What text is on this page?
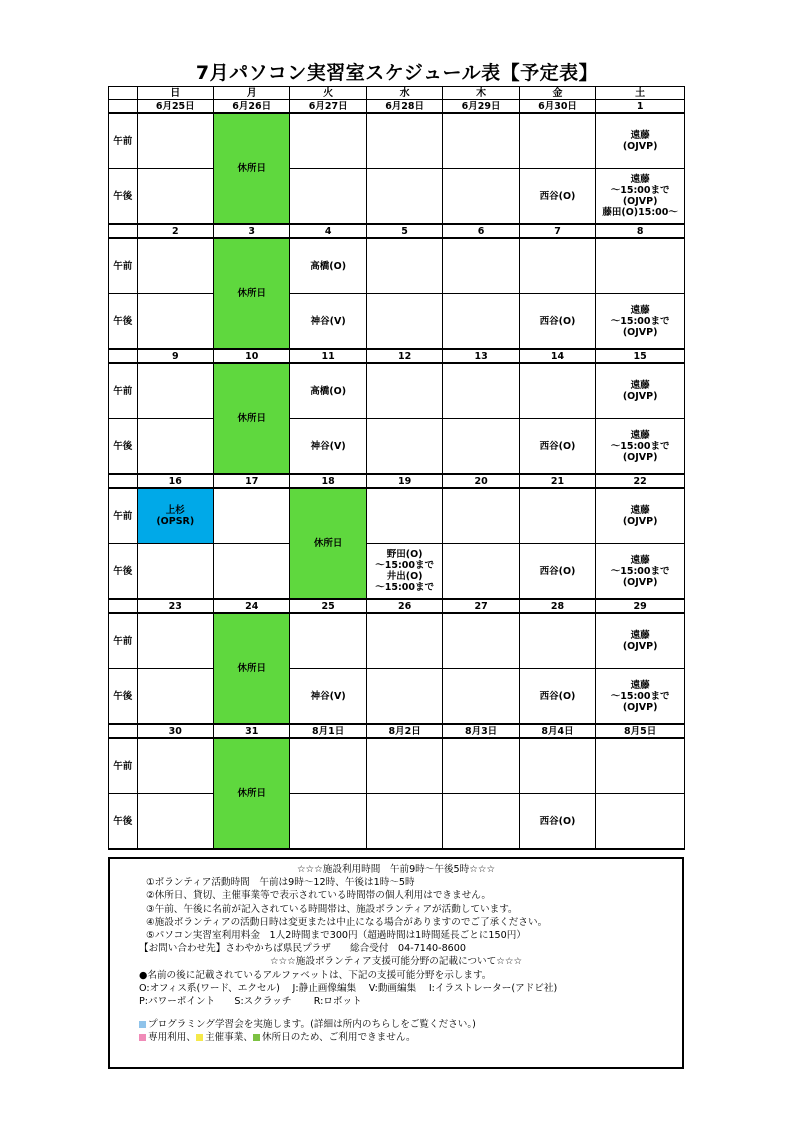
7月パソコン実習室スケジュール表【予定表】
	日	月	火	水	木	金	土
	6月25日	6月26日	6月27日	6月28日	6月29日	6月30日	1
午前		休所日					遠藤
(OJVP)
午後						西谷(O)	遠藤
～15:00まで
(OJVP)
藤田(O)15:00～
	2	3	4	5	6	7	8
午前		休所日	高橋(O)				
午後			神谷(V)			西谷(O)	遠藤
～15:00まで
(OJVP)
	9	10	11	12	13	14	15
午前		休所日	高橋(O)				遠藤
(OJVP)
午後			神谷(V)			西谷(O)	遠藤
～15:00まで
(OJVP)
	16	17	18	19	20	21	22
午前	上杉
(OPSR)		休所日				遠藤
(OJVP)
午後				野田(O)
～15:00まで
井出(O)
～15:00まで		西谷(O)	遠藤
～15:00まで
(OJVP)
	23	24	25	26	27	28	29
午前		休所日					遠藤
(OJVP)
午後			神谷(V)			西谷(O)	遠藤
～15:00まで
(OJVP)
	30	31	8月1日	8月2日	8月3日	8月4日	8月5日
午前		休所日					
午後						西谷(O)	
☆☆☆施設利用時間　午前9時～午後5時☆☆☆
①ボランティア活動時間　午前は9時～12時、午後は1時～5時
②休所日、貸切、主催事業等で表示されている時間帯の個人利用はできません。
③午前、午後に名前が記入されている時間帯は、施設ボランティアが活動しています。
④施設ボランティアの活動日時は変更または中止になる場合がありますのでご了承ください。
⑤パソコン実習室利用料金　1人2時間まで300円（超過時間は1時間延長ごとに150円）
【お問い合わせ先】さわやかちば県民プラザ　　総合受付　04-7140-8600
☆☆☆施設ボランティア支援可能分野の記載について☆☆☆
●名前の後に記載されているアルファベットは、下記の支援可能分野を示します。
O:オフィス系(ワード、エクセル)　 J:静止画像編集　 V:動画編集　 I:イラストレーター(アドビ社)
P:パワーポイント　　S:スクラッチ　　 R:ロボット
プログラミング学習会を実施します。(詳細は所内のちらしをご覧ください。)
専用利用、 主催事業、 休所日のため、ご利用できません。
